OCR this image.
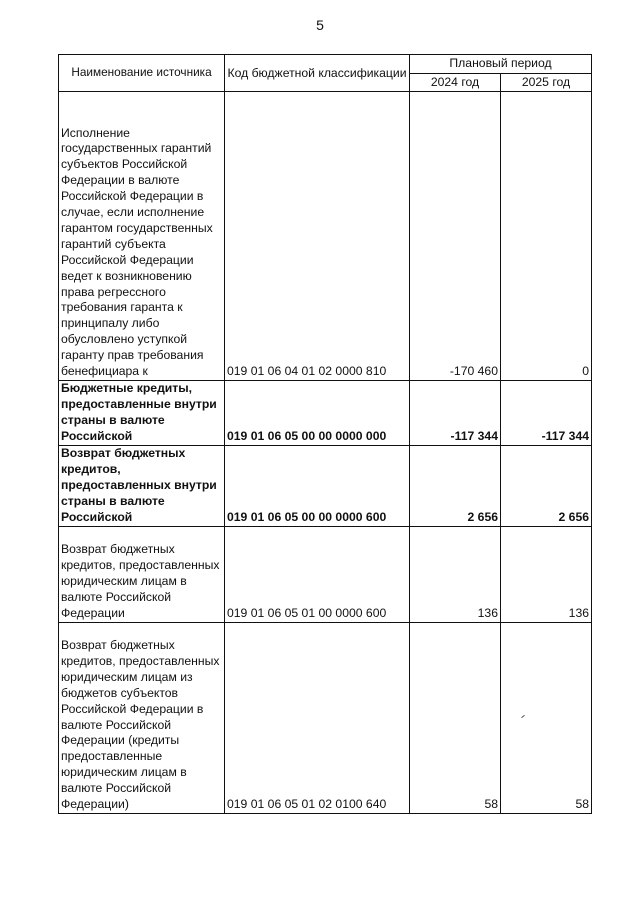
5
Наименование источника	Код бюджетной классификации	Плановый период	
		2024 год	2025 год
Исполнение государственных гарантий субъектов Российской Федерации в валюте Российской Федерации в случае, если исполнение гарантом государственных гарантий субъекта Российской Федерации ведет к возникновению права регрессного требования гаранта к принципалу либо обусловлено уступкой гаранту прав требования бенефициара к	019 01 06 04 01 02 0000 810	-170 460	0
Бюджетные кредиты, предоставленные внутри страны в валюте Российской	019 01 06 05 00 00 0000 000	-117 344	-117 344
Возврат бюджетных кредитов, предоставленных внутри страны в валюте Российской	019 01 06 05 00 00 0000 600	2 656	2 656
Возврат бюджетных кредитов, предоставленных юридическим лицам в валюте Российской Федерации	019 01 06 05 01 00 0000 600	136	136
Возврат бюджетных кредитов, предоставленных юридическим лицам из бюджетов субъектов Российской Федерации в валюте Российской Федерации (кредиты предоставленные юридическим лицам в валюте Российской Федерации)	019 01 06 05 01 02 0100 640	58	58
